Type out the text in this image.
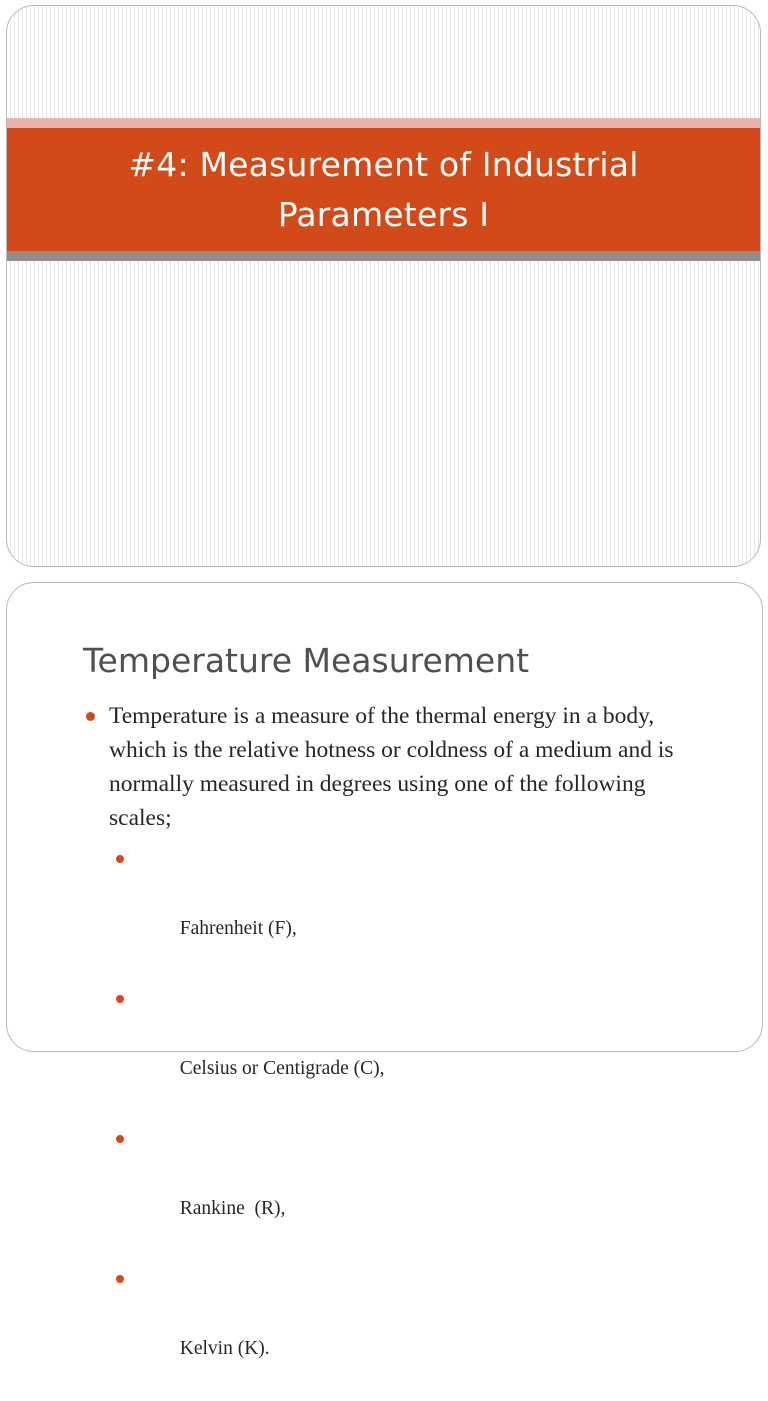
#4: Measurement of Industrial Parameters I
Temperature Measurement
Temperature is a measure of the thermal energy in a body, which is the relative hotness or coldness of a medium and is normally measured in degrees using one of the following scales;

Fahrenheit (F),

Celsius or Centigrade (C),

Rankine  (R),

Kelvin (K).
